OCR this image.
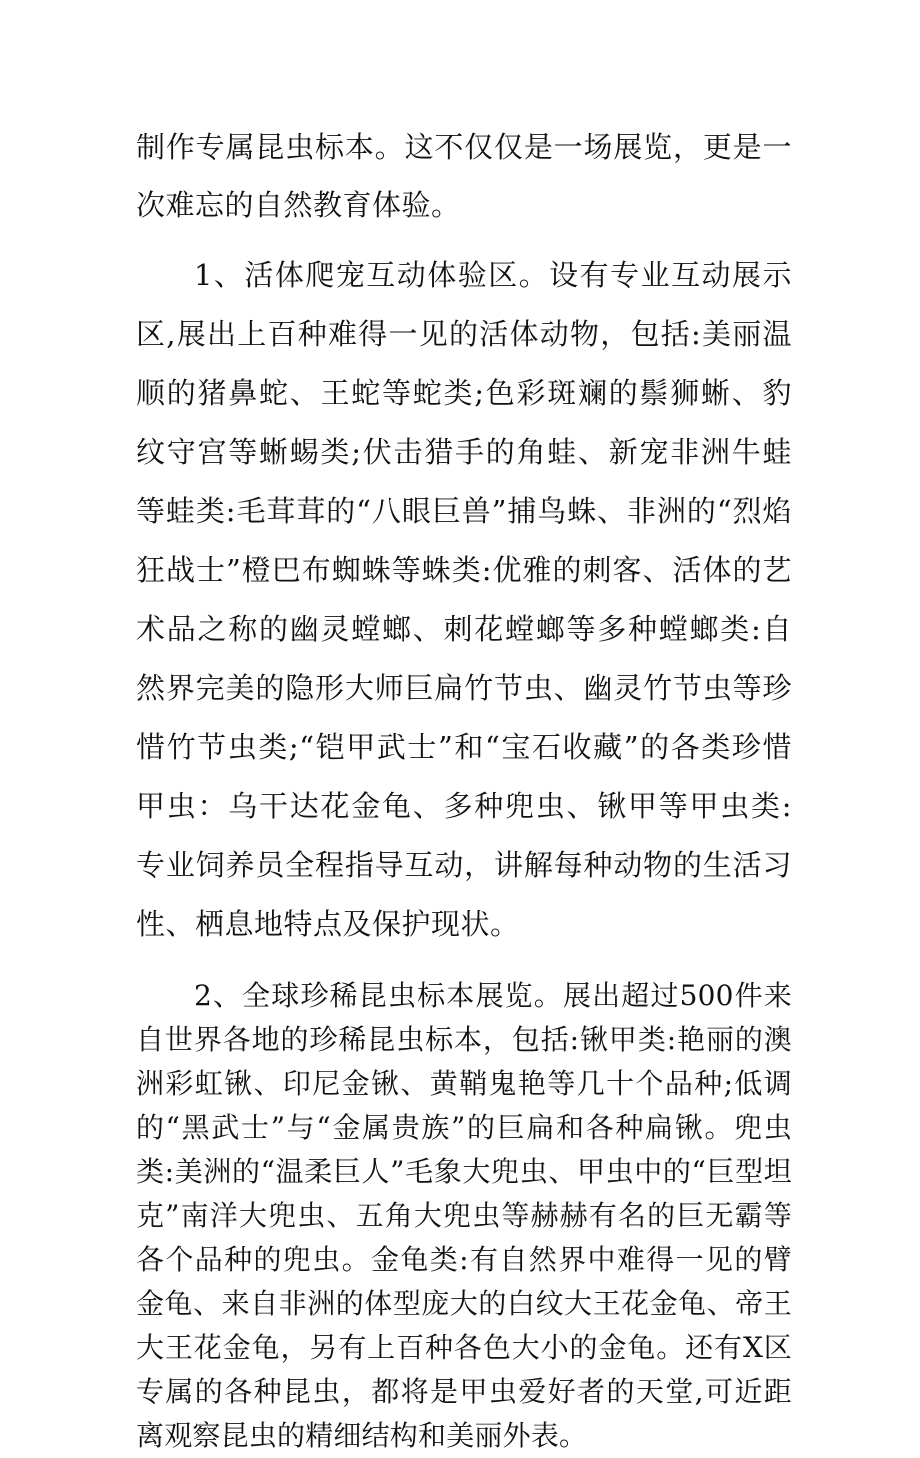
制作专属昆虫标本。这不仅仅是一场展览，更是一次难忘的自然教育体验。

1、活体爬宠互动体验区。设有专业互动展示区,展出上百种难得一见的活体动物，包括:美丽温顺的猪鼻蛇、王蛇等蛇类;色彩斑斓的鬃狮蜥、豹纹守宫等蜥蜴类;伏击猎手的角蛙、新宠非洲牛蛙等蛙类:毛茸茸的“八眼巨兽”捕鸟蛛、非洲的“烈焰狂战士”橙巴布蜘蛛等蛛类:优雅的刺客、活体的艺术品之称的幽灵螳螂、刺花螳螂等多种螳螂类:自然界完美的隐形大师巨扁竹节虫、幽灵竹节虫等珍惜竹节虫类;“铠甲武士”和“宝石收藏”的各类珍惜甲虫：乌干达花金龟、多种兜虫、锹甲等甲虫类:专业饲养员全程指导互动，讲解每种动物的生活习性、栖息地特点及保护现状。

2、全球珍稀昆虫标本展览。展出超过500件来自世界各地的珍稀昆虫标本，包括:锹甲类:艳丽的澳洲彩虹锹、印尼金锹、黄鞘鬼艳等几十个品种;低调的“黑武士”与“金属贵族”的巨扁和各种扁锹。兜虫类:美洲的“温柔巨人”毛象大兜虫、甲虫中的“巨型坦克”南洋大兜虫、五角大兜虫等赫赫有名的巨无霸等各个品种的兜虫。金龟类:有自然界中难得一见的臂金龟、来自非洲的体型庞大的白纹大王花金龟、帝王大王花金龟，另有上百种各色大小的金龟。还有X区专属的各种昆虫，都将是甲虫爱好者的天堂,可近距离观察昆虫的精细结构和美丽外表。
